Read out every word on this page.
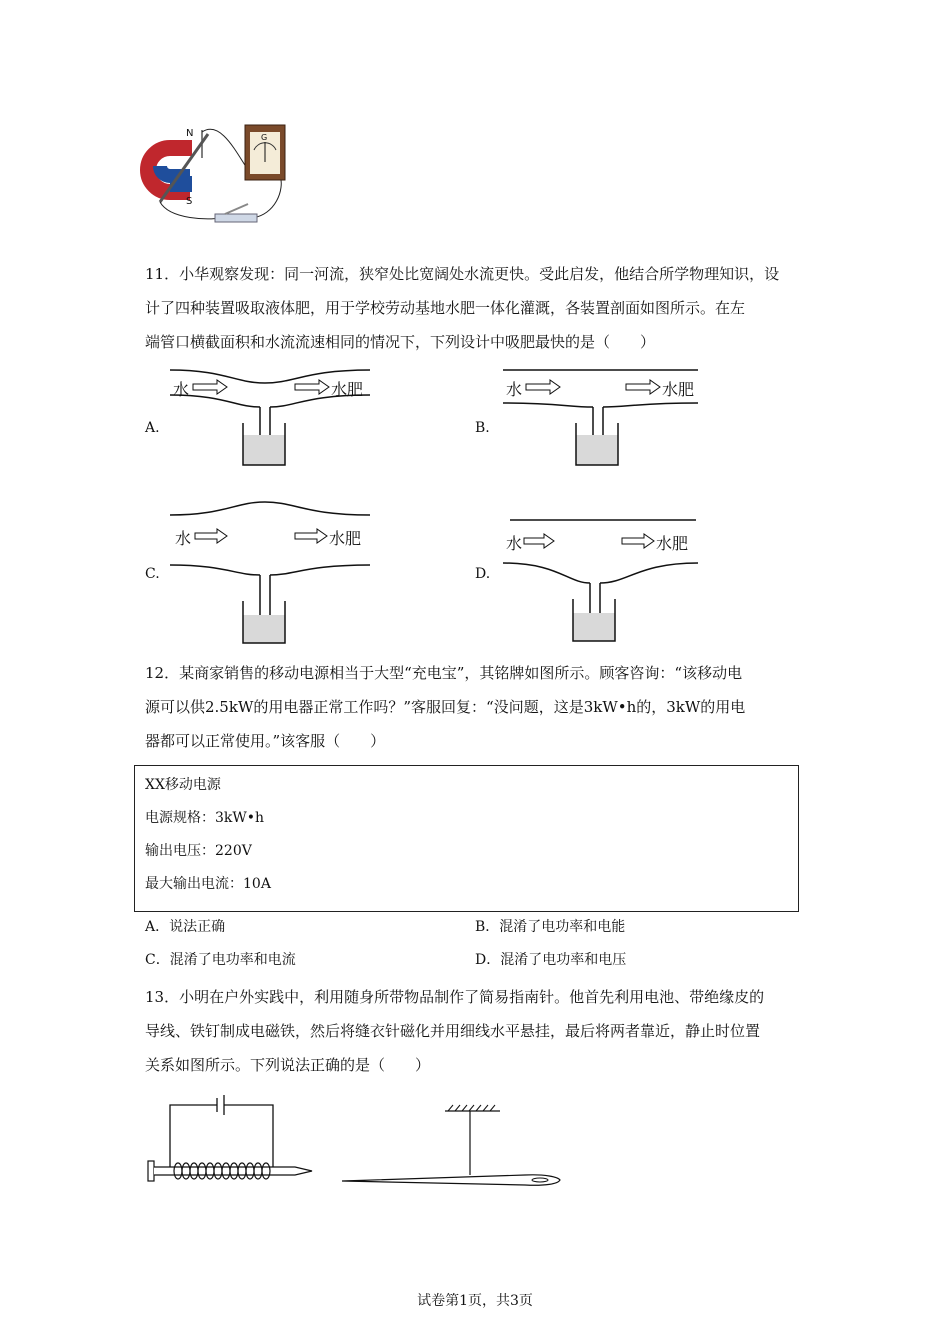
N
S
G
11．小华观察发现：同一河流，狭窄处比宽阔处水流更快。受此启发，他结合所学物理知识，设
计了四种装置吸取液体肥，用于学校劳动基地水肥一体化灌溉，各装置剖面如图所示。在左
端管口横截面积和水流流速相同的情况下，下列设计中吸肥最快的是（　　）
A.	B.
C.	D.
水	水肥	水	水肥
水	水肥	水	水肥
12．某商家销售的移动电源相当于大型“充电宝”，其铭牌如图所示。顾客咨询：“该移动电
源可以供2.5kW的用电器正常工作吗？”客服回复：“没问题，这是3kW•h的，3kW的用电
器都可以正常使用。”该客服（　　）
XX移动电源
电源规格：3kW•h
输出电压：220V
最大输出电流：10A
A．说法正确	B．混淆了电功率和电能
C．混淆了电功率和电流	D．混淆了电功率和电压
13．小明在户外实践中，利用随身所带物品制作了简易指南针。他首先利用电池、带绝缘皮的
导线、铁钉制成电磁铁，然后将缝衣针磁化并用细线水平悬挂，最后将两者靠近，静止时位置
关系如图所示。下列说法正确的是（　　）
试卷第1页，共3页
